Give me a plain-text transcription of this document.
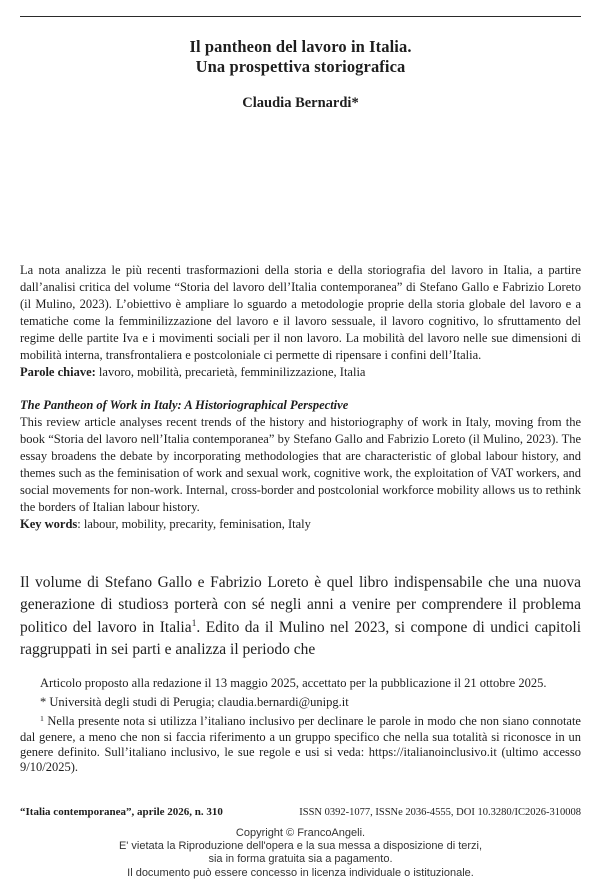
Il pantheon del lavoro in Italia.
Una prospettiva storiografica
Claudia Bernardi*
La nota analizza le più recenti trasformazioni della storia e della storiografia del lavoro in Italia, a partire dall’analisi critica del volume “Storia del lavoro dell’Italia contemporanea” di Stefano Gallo e Fabrizio Loreto (il Mulino, 2023). L’obiettivo è ampliare lo sguardo a metodologie proprie della storia globale del lavoro e a tematiche come la femminilizzazione del lavoro e il lavoro sessuale, il lavoro cognitivo, lo sfruttamento del regime delle partite Iva e i movimenti sociali per il non lavoro. La mobilità del lavoro nelle sue dimensioni di mobilità interna, transfrontaliera e postcoloniale ci permette di ripensare i confini dell’Italia.
Parole chiave: lavoro, mobilità, precarietà, femminilizzazione, Italia
The Pantheon of Work in Italy: A Historiographical Perspective
This review article analyses recent trends of the history and historiography of work in Italy, moving from the book “Storia del lavoro nell’Italia contemporanea” by Stefano Gallo and Fabrizio Loreto (il Mulino, 2023). The essay broadens the debate by incorporating methodologies that are characteristic of global labour history, and themes such as the feminisation of work and sexual work, cognitive work, the exploitation of VAT workers, and social movements for non-work. Internal, cross-border and postcolonial workforce mobility allows us to rethink the borders of Italian labour history.
Key words: labour, mobility, precarity, feminisation, Italy
Il volume di Stefano Gallo e Fabrizio Loreto è quel libro indispensabile che una nuova generazione di studiosɜ porterà con sé negli anni a venire per comprendere il problema politico del lavoro in Italia$^1$. Edito da il Mulino nel 2023, si compone di undici capitoli raggruppati in sei parti e analizza il periodo che

Articolo proposto alla redazione il 13 maggio 2025, accettato per la pubblicazione il 21 ottobre 2025.

* Università degli studi di Perugia; claudia.bernardi@unipg.it

$^1$ Nella presente nota si utilizza l’italiano inclusivo per declinare le parole in modo che non siano connotate dal genere, a meno che non si faccia riferimento a un gruppo specifico che nella sua totalità si riconosce in un genere definito. Sull’italiano inclusivo, le sue regole e usi si veda: https://italianoinclusivo.it (ultimo accesso 9/10/2025).

“Italia contemporanea”, aprile 2026, n. 310	ISSN 0392-1077, ISSNe 2036-4555, DOI 10.3280/IC2026-310008
Copyright © FrancoAngeli.
E' vietata la Riproduzione dell'opera e la sua messa a disposizione di terzi,
sia in forma gratuita sia a pagamento.
Il documento può essere concesso in licenza individuale o istituzionale.
